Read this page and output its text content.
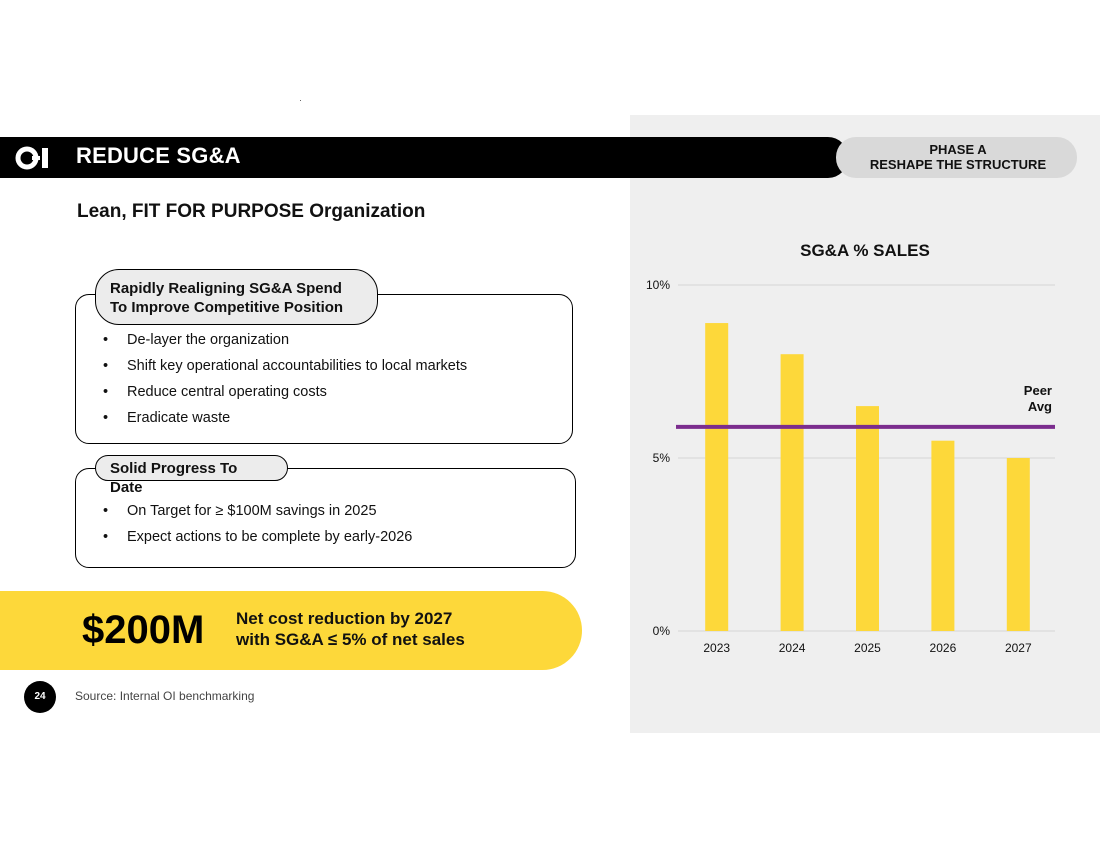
REDUCE SG&A	PHASE A
RESHAPE THE STRUCTURE
Lean, FIT FOR PURPOSE Organization
Rapidly Realigning SG&A Spend
To Improve Competitive Position
• De-layer the organization
• Shift key operational accountabilities to local markets
• Reduce central operating costs
• Eradicate waste
Solid Progress To Date
• On Target for ≥ $100M savings in 2025
• Expect actions to be complete by early-2026
$200M Net cost reduction by 2027
with SG&A ≤ 5% of net sales
24	Source: Internal OI benchmarking
SG&A % SALES
0%
5%
10%
2023	2024	2025	2026	2027
Peer
Avg
